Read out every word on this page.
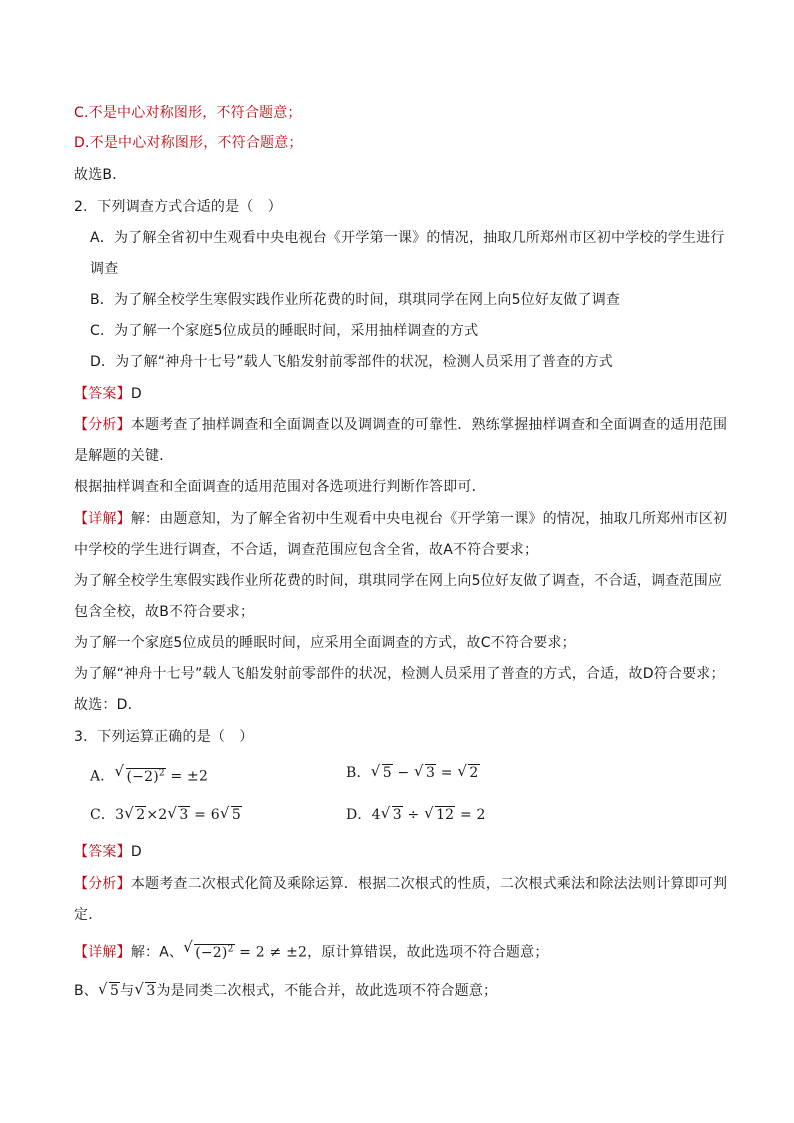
C.不是中心对称图形，不符合题意；
D.不是中心对称图形，不符合题意；
故选B．
2．下列调查方式合适的是（　）
A．为了解全省初中生观看中央电视台《开学第一课》的情况，抽取几所郑州市区初中学校的学生进行
调查
B．为了解全校学生寒假实践作业所花费的时间，琪琪同学在网上向5位好友做了调查
C．为了解一个家庭5位成员的睡眠时间，采用抽样调查的方式
D．为了解“神舟十七号”载人飞船发射前零部件的状况，检测人员采用了普查的方式
【答案】D
【分析】本题考查了抽样调查和全面调查以及调调查的可靠性．熟练掌握抽样调查和全面调查的适用范围
是解题的关键．
根据抽样调查和全面调查的适用范围对各选项进行判断作答即可．
【详解】解：由题意知，为了解全省初中生观看中央电视台《开学第一课》的情况，抽取几所郑州市区初
中学校的学生进行调查，不合适，调查范围应包含全省，故A不符合要求；
为了解全校学生寒假实践作业所花费的时间，琪琪同学在网上向5位好友做了调查，不合适，调查范围应
包含全校，故B不符合要求；
为了解一个家庭5位成员的睡眠时间，应采用全面调查的方式，故C不符合要求；
为了解“神舟十七号”载人飞船发射前零部件的状况，检测人员采用了普查的方式，合适，故D符合要求；
故选：D．
3．下列运算正确的是（　）
A． √ $(-2)^2 = \pm 2$	B． √ 5 − √ 3 = √ 2
C．3 √ 2×2 √ 3 = 6 √ 5	D．4 √ 3 ÷ √ 12 = 2
【答案】D
【分析】本题考查二次根式化简及乘除运算．根据二次根式的性质，二次根式乘法和除法法则计算即可判
定．
【详解】解：A、 √ $(-2)^2 = 2 \ne \pm 2$，原计算错误，故此选项不符合题意；
B、 √ 5与 √ 3为是同类二次根式，不能合并，故此选项不符合题意；
